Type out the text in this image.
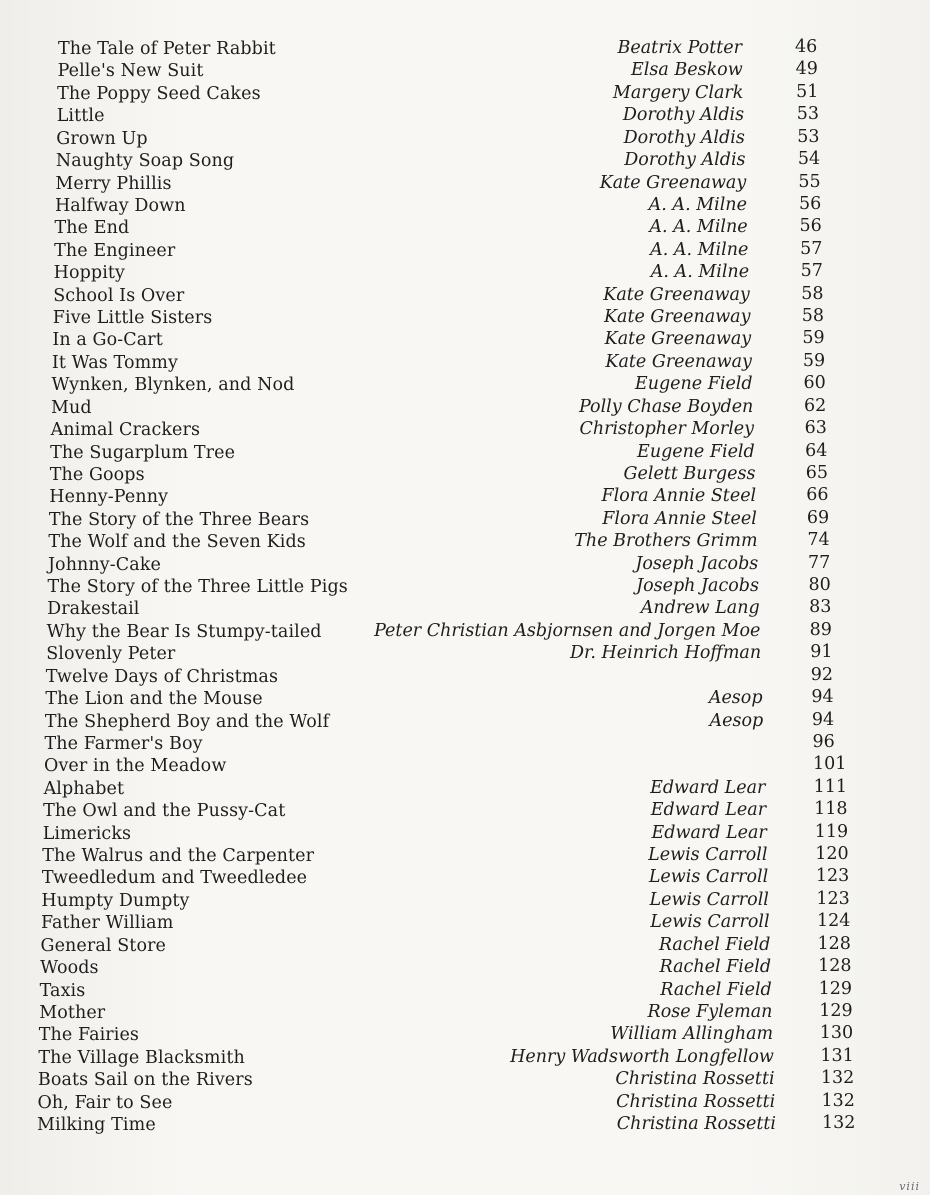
The Tale of Peter Rabbit	Beatrix Potter	46
Pelle's New Suit	Elsa Beskow	49
The Poppy Seed Cakes	Margery Clark	51
Little	Dorothy Aldis	53
Grown Up	Dorothy Aldis	53
Naughty Soap Song	Dorothy Aldis	54
Merry Phillis	Kate Greenaway	55
Halfway Down	A. A. Milne	56
The End	A. A. Milne	56
The Engineer	A. A. Milne	57
Hoppity	A. A. Milne	57
School Is Over	Kate Greenaway	58
Five Little Sisters	Kate Greenaway	58
In a Go-Cart	Kate Greenaway	59
It Was Tommy	Kate Greenaway	59
Wynken, Blynken, and Nod	Eugene Field	60
Mud	Polly Chase Boyden	62
Animal Crackers	Christopher Morley	63
The Sugarplum Tree	Eugene Field	64
The Goops	Gelett Burgess	65
Henny-Penny	Flora Annie Steel	66
The Story of the Three Bears	Flora Annie Steel	69
The Wolf and the Seven Kids	The Brothers Grimm	74
Johnny-Cake	Joseph Jacobs	77
The Story of the Three Little Pigs	Joseph Jacobs	80
Drakestail	Andrew Lang	83
Why the Bear Is Stumpy-tailed	Peter Christian Asbjornsen and Jorgen Moe	89
Slovenly Peter	Dr. Heinrich Hoffman	91
Twelve Days of Christmas	92
The Lion and the Mouse	Aesop	94
The Shepherd Boy and the Wolf	Aesop	94
The Farmer's Boy	96
Over in the Meadow	101
Alphabet	Edward Lear	111
The Owl and the Pussy-Cat	Edward Lear	118
Limericks	Edward Lear	119
The Walrus and the Carpenter	Lewis Carroll	120
Tweedledum and Tweedledee	Lewis Carroll	123
Humpty Dumpty	Lewis Carroll	123
Father William	Lewis Carroll	124
General Store	Rachel Field	128
Woods	Rachel Field	128
Taxis	Rachel Field	129
Mother	Rose Fyleman	129
The Fairies	William Allingham	130
The Village Blacksmith	Henry Wadsworth Longfellow	131
Boats Sail on the Rivers	Christina Rossetti	132
Oh, Fair to See	Christina Rossetti	132
Milking Time	Christina Rossetti	132
viii
